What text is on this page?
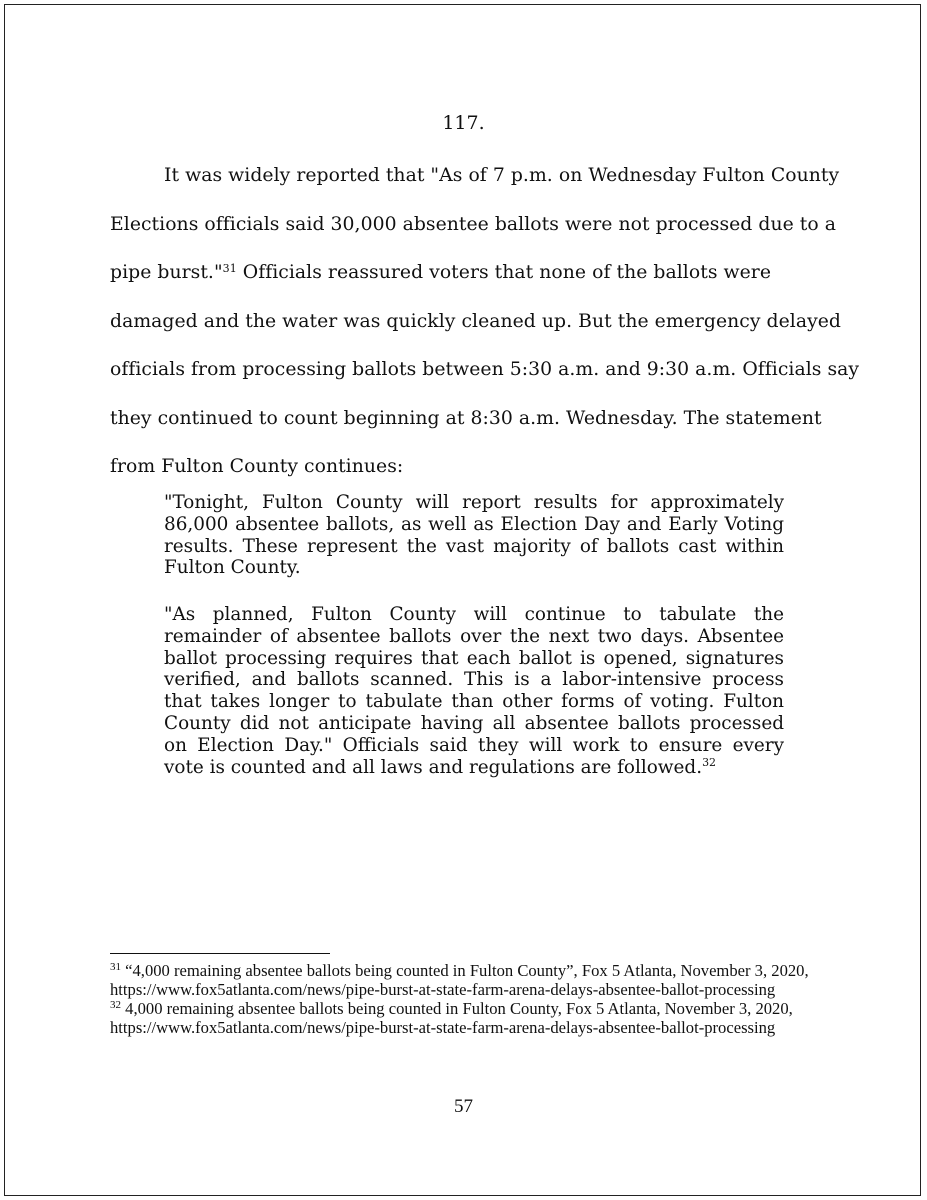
117.
It was widely reported that "As of 7 p.m. on Wednesday Fulton County
Elections officials said 30,000 absentee ballots were not processed due to a
pipe burst."$^{31}$ Officials reassured voters that none of the ballots were
damaged and the water was quickly cleaned up. But the emergency delayed
officials from processing ballots between 5:30 a.m. and 9:30 a.m. Officials say
they continued to count beginning at 8:30 a.m. Wednesday. The statement
from Fulton County continues:
"Tonight, Fulton County will report results for approximately 86,000 absentee ballots, as well as Election Day and Early Voting results. These represent the vast majority of ballots cast within Fulton County.
"As planned, Fulton County will continue to tabulate the remainder of absentee ballots over the next two days. Absentee ballot processing requires that each ballot is opened, signatures verified, and ballots scanned. This is a labor-intensive process that takes longer to tabulate than other forms of voting. Fulton County did not anticipate having all absentee ballots processed on Election Day." Officials said they will work to ensure every vote is counted and all laws and regulations are followed.$^{32}$
$^{31}$ “4,000 remaining absentee ballots being counted in Fulton County”, Fox 5 Atlanta, November 3, 2020, https://www.fox5atlanta.com/news/pipe-burst-at-state-farm-arena-delays-absentee-ballot-processing
$^{32}$ 4,000 remaining absentee ballots being counted in Fulton County, Fox 5 Atlanta, November 3, 2020, https://www.fox5atlanta.com/news/pipe-burst-at-state-farm-arena-delays-absentee-ballot-processing
57
